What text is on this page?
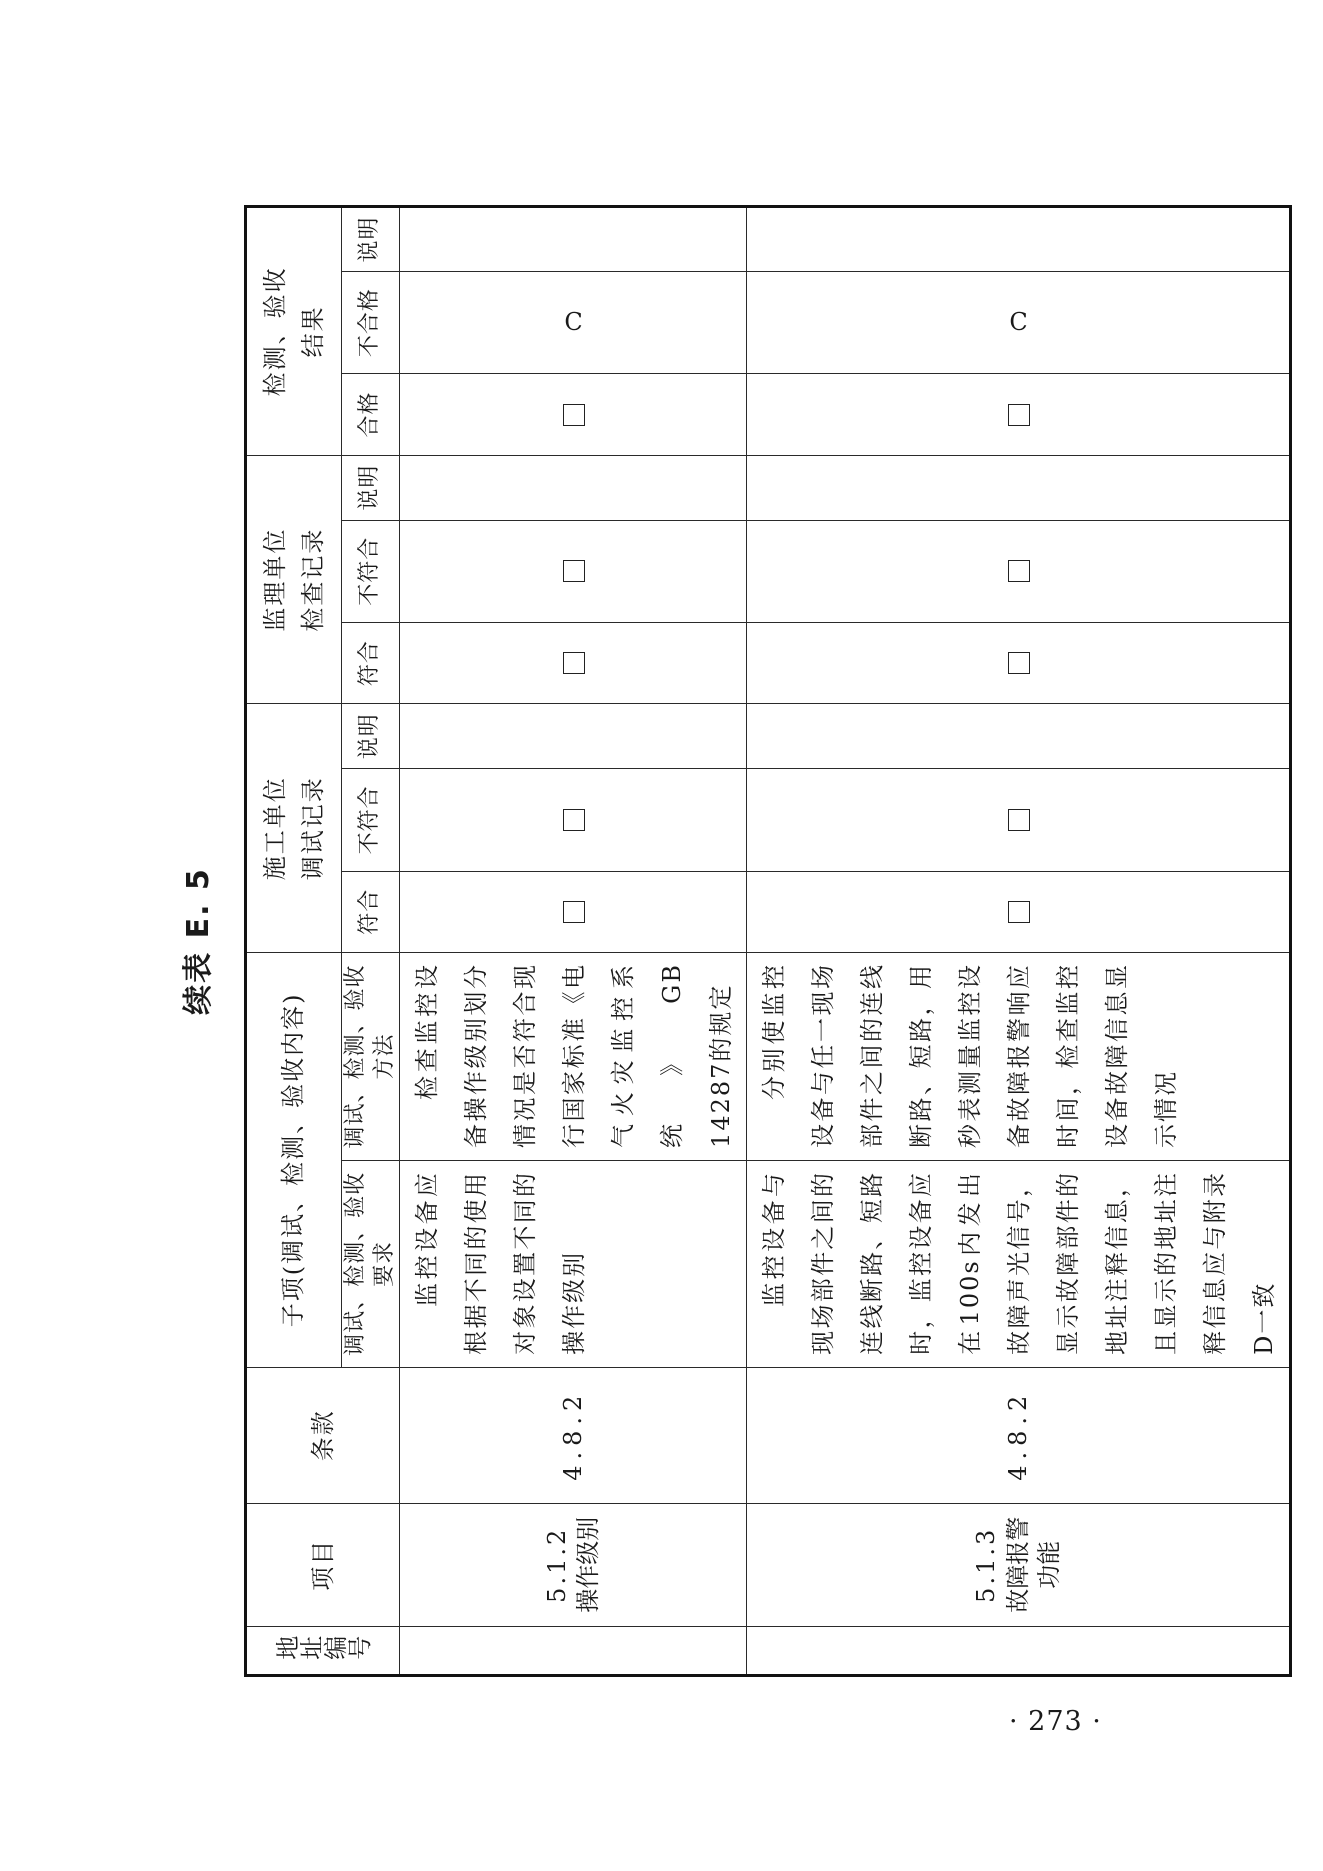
续表 E. 5
地址编号	项目	条款	子项(调试、检测、验收内容)		施工单位调试记录			监理单位检查记录			检测、验收结果		

			调试、检测、验收要求	调试、检测、验收方法	符合	不符合	说明	符合	不符合	说明	合格	不合格	说明

	5.1.2 操作级别	4.8.2	监控设备应根据不同的使用对象设置不同的操作级别	检查监控设备操作级别划分情况是否符合现行国家标准《电气火灾监控系统》GB 14287的规定								C	

	5.1.3 故障报警功能	4.8.2	监控设备与现场部件之间的连线断路、短路时，监控设备应在100s内发出故障声光信号，显示故障部件的地址注释信息，且显示的地址注释信息应与附录D一致	分别使监控设备与任一现场部件之间的连线断路、短路，用秒表测量监控设备故障报警响应时间，检查监控设备故障信息显示情况								C	
· 273 ·
